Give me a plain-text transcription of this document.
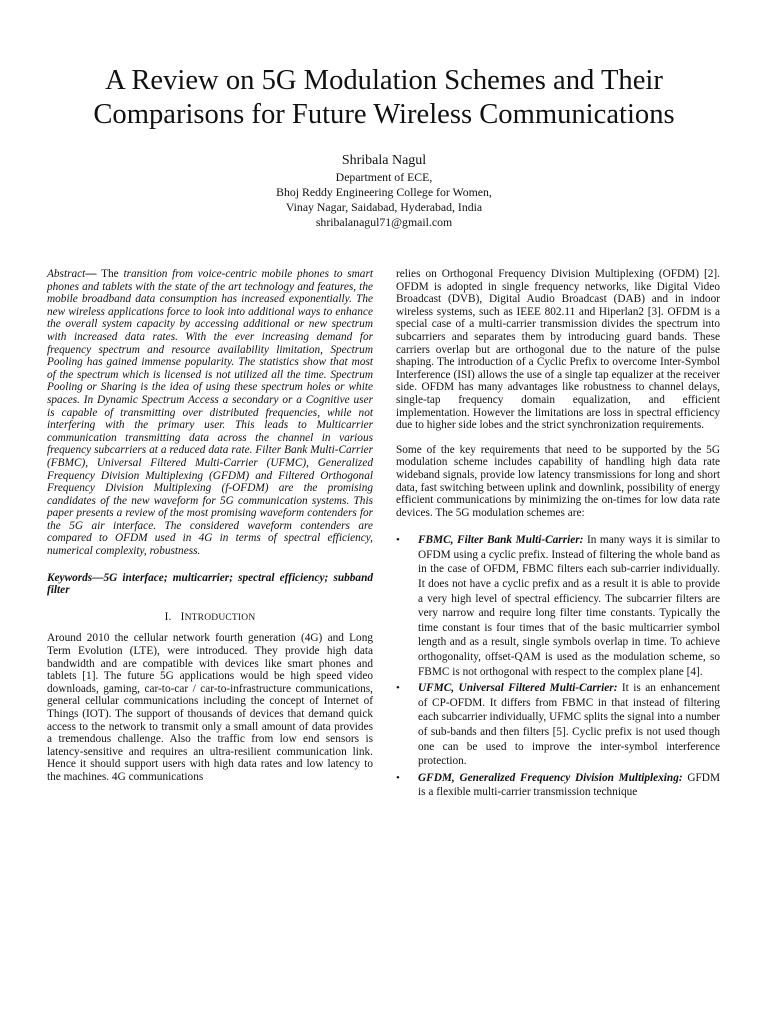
A Review on 5G Modulation Schemes and Their Comparisons for Future Wireless Communications
Shribala Nagul
Department of ECE,
Bhoj Reddy Engineering College for Women,
Vinay Nagar, Saidabad, Hyderabad, India
shribalanagul71@gmail.com

Abstract— The transition from voice-centric mobile phones to smart phones and tablets with the state of the art technology and features, the mobile broadband data consumption has increased exponentially. The new wireless applications force to look into additional ways to enhance the overall system capacity by accessing additional or new spectrum with increased data rates. With the ever increasing demand for frequency spectrum and resource availability limitation, Spectrum Pooling has gained immense popularity. The statistics show that most of the spectrum which is licensed is not utilized all the time. Spectrum Pooling or Sharing is the idea of using these spectrum holes or white spaces. In Dynamic Spectrum Access a secondary or a Cognitive user is capable of transmitting over distributed frequencies, while not interfering with the primary user. This leads to Multicarrier communication transmitting data across the channel in various frequency subcarriers at a reduced data rate. Filter Bank Multi-Carrier (FBMC), Universal Filtered Multi-Carrier (UFMC), Generalized Frequency Division Multiplexing (GFDM) and Filtered Orthogonal Frequency Division Multiplexing (f-OFDM) are the promising candidates of the new waveform for 5G communication systems. This paper presents a review of the most promising waveform contenders for the 5G air interface. The considered waveform contenders are compared to OFDM used in 4G in terms of spectral efficiency, numerical complexity, robustness.

Keywords—5G interface; multicarrier; spectral efficiency; subband filter

I. INTRODUCTION

Around 2010 the cellular network fourth generation (4G) and Long Term Evolution (LTE), were introduced. They provide high data bandwidth and are compatible with devices like smart phones and tablets [1]. The future 5G applications would be high speed video downloads, gaming, car-to-car / car-to-infrastructure communications, general cellular communications including the concept of Internet of Things (IOT). The support of thousands of devices that demand quick access to the network to transmit only a small amount of data provides a tremendous challenge. Also the traffic from low end sensors is latency-sensitive and requires an ultra-resilient communication link. Hence it should support users with high data rates and low latency to the machines. 4G communications

relies on Orthogonal Frequency Division Multiplexing (OFDM) [2]. OFDM is adopted in single frequency networks, like Digital Video Broadcast (DVB), Digital Audio Broadcast (DAB) and in indoor wireless systems, such as IEEE 802.11 and Hiperlan2 [3]. OFDM is a special case of a multi-carrier transmission divides the spectrum into subcarriers and separates them by introducing guard bands. These carriers overlap but are orthogonal due to the nature of the pulse shaping. The introduction of a Cyclic Prefix to overcome Inter-Symbol Interference (ISI) allows the use of a single tap equalizer at the receiver side. OFDM has many advantages like robustness to channel delays, single-tap frequency domain equalization, and efficient implementation. However the limitations are loss in spectral efficiency due to higher side lobes and the strict synchronization requirements.

Some of the key requirements that need to be supported by the 5G modulation scheme includes capability of handling high data rate wideband signals, provide low latency transmissions for long and short data, fast switching between uplink and downlink, possibility of energy efficient communications by minimizing the on-times for low data rate devices. The 5G modulation schemes are:

• FBMC, Filter Bank Multi-Carrier: In many ways it is similar to OFDM using a cyclic prefix. Instead of filtering the whole band as in the case of OFDM, FBMC filters each sub-carrier individually. It does not have a cyclic prefix and as a result it is able to provide a very high level of spectral efficiency. The subcarrier filters are very narrow and require long filter time constants. Typically the time constant is four times that of the basic multicarrier symbol length and as a result, single symbols overlap in time. To achieve orthogonality, offset-QAM is used as the modulation scheme, so FBMC is not orthogonal with respect to the complex plane [4].
• UFMC, Universal Filtered Multi-Carrier: It is an enhancement of CP-OFDM. It differs from FBMC in that instead of filtering each subcarrier individually, UFMC splits the signal into a number of sub-bands and then filters [5]. Cyclic prefix is not used though one can be used to improve the inter-symbol interference protection.
• GFDM, Generalized Frequency Division Multiplexing: GFDM is a flexible multi-carrier transmission technique
